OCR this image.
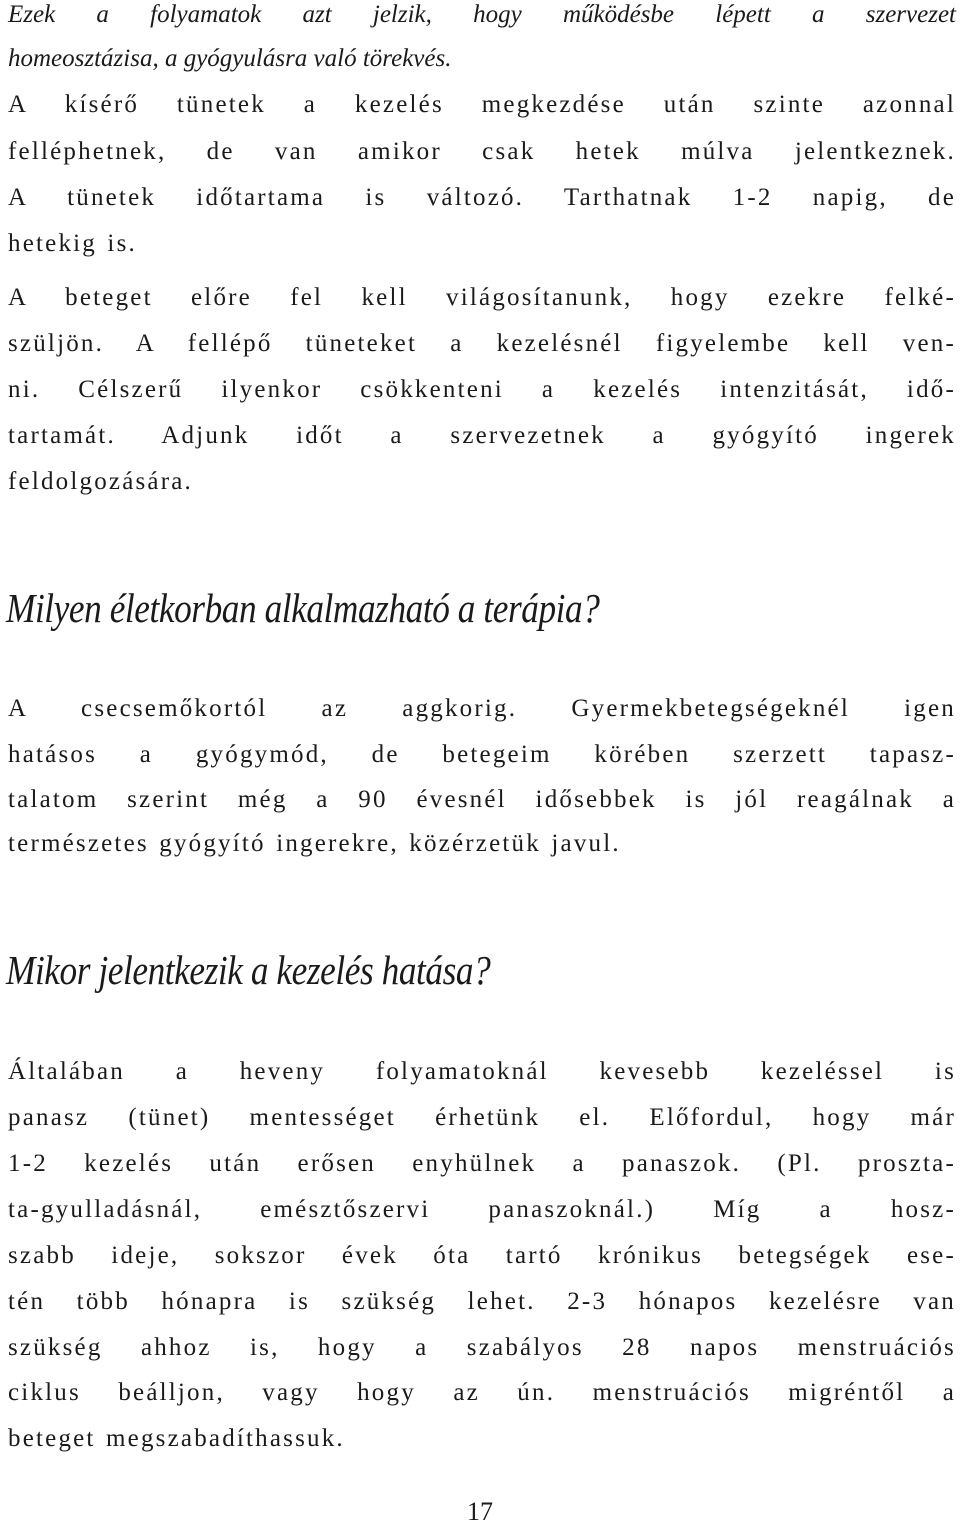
Ezek a folyamatok azt jelzik, hogy működésbe lépett a szervezet
homeosztázisa, a gyógyulásra való törekvés.
A kísérő tünetek a kezelés megkezdése után szinte azonnal
felléphetnek, de van amikor csak hetek múlva jelentkeznek.
A tünetek időtartama is változó. Tarthatnak 1-2 napig, de
hetekig is.
A beteget előre fel kell világosítanunk, hogy ezekre felké-
szüljön. A fellépő tüneteket a kezelésnél figyelembe kell ven-
ni. Célszerű ilyenkor csökkenteni a kezelés intenzitását, idő-
tartamát. Adjunk időt a szervezetnek a gyógyító ingerek
feldolgozására.
Milyen életkorban alkalmazható a terápia?
A csecsemőkortól az aggkorig. Gyermekbetegségeknél igen
hatásos a gyógymód, de betegeim körében szerzett tapasz-
talatom szerint még a 90 évesnél idősebbek is jól reagálnak a
természetes gyógyító ingerekre, közérzetük javul.
Mikor jelentkezik a kezelés hatása?
Általában a heveny folyamatoknál kevesebb kezeléssel is
panasz (tünet) mentességet érhetünk el. Előfordul, hogy már
1-2 kezelés után erősen enyhülnek a panaszok. (Pl. proszta-
ta-gyulladásnál, emésztőszervi panaszoknál.) Míg a hosz-
szabb ideje, sokszor évek óta tartó krónikus betegségek ese-
tén több hónapra is szükség lehet. 2-3 hónapos kezelésre van
szükség ahhoz is, hogy a szabályos 28 napos menstruációs
ciklus beálljon, vagy hogy az ún. menstruációs migréntől a
beteget megszabadíthassuk.
17
